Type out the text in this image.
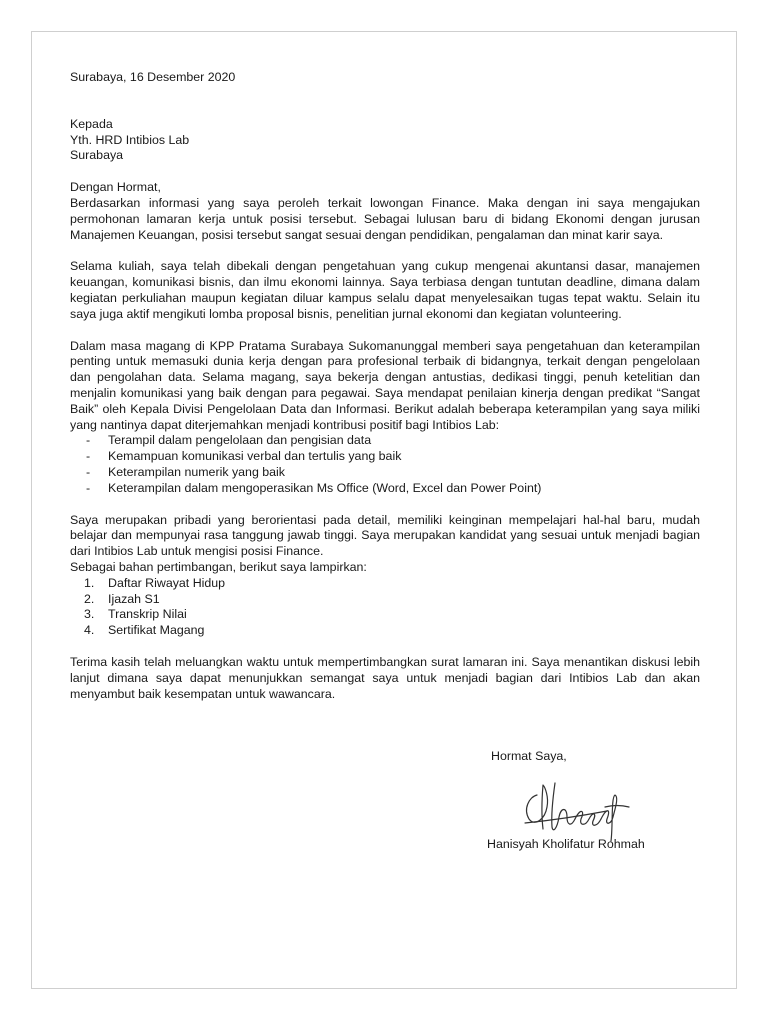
Surabaya, 16 Desember 2020

Kepada

Yth. HRD Intibios Lab

Surabaya

Dengan Hormat,

Berdasarkan informasi yang saya peroleh terkait lowongan Finance. Maka dengan ini saya mengajukan permohonan lamaran kerja untuk posisi tersebut. Sebagai lulusan baru di bidang Ekonomi dengan jurusan Manajemen Keuangan, posisi tersebut sangat sesuai dengan pendidikan, pengalaman dan minat karir saya.

Selama kuliah, saya telah dibekali dengan pengetahuan yang cukup mengenai akuntansi dasar, manajemen keuangan, komunikasi bisnis, dan ilmu ekonomi lainnya. Saya terbiasa dengan tuntutan deadline, dimana dalam kegiatan perkuliahan maupun kegiatan diluar kampus selalu dapat menyelesaikan tugas tepat waktu. Selain itu saya juga aktif mengikuti lomba proposal bisnis, penelitian jurnal ekonomi dan kegiatan volunteering.

Dalam masa magang di KPP Pratama Surabaya Sukomanunggal memberi saya pengetahuan dan keterampilan penting untuk memasuki dunia kerja dengan para profesional terbaik di bidangnya, terkait dengan pengelolaan dan pengolahan data. Selama magang, saya bekerja dengan antustias, dedikasi tinggi, penuh ketelitian dan menjalin komunikasi yang baik dengan para pegawai. Saya mendapat penilaian kinerja dengan predikat “Sangat Baik” oleh Kepala Divisi Pengelolaan Data dan Informasi. Berikut adalah beberapa keterampilan yang saya miliki yang nantinya dapat diterjemahkan menjadi kontribusi positif bagi Intibios Lab:

- Terampil dalam pengelolaan dan pengisian data
- Kemampuan komunikasi verbal dan tertulis yang baik
- Keterampilan numerik yang baik
- Keterampilan dalam mengoperasikan Ms Office (Word, Excel dan Power Point)

Saya merupakan pribadi yang berorientasi pada detail, memiliki keinginan mempelajari hal-hal baru, mudah belajar dan mempunyai rasa tanggung jawab tinggi. Saya merupakan kandidat yang sesuai untuk menjadi bagian dari Intibios Lab untuk mengisi posisi Finance.

Sebagai bahan pertimbangan, berikut saya lampirkan:

1. Daftar Riwayat Hidup
2. Ijazah S1
3. Transkrip Nilai
4. Sertifikat Magang

Terima kasih telah meluangkan waktu untuk mempertimbangkan surat lamaran ini. Saya menantikan diskusi lebih lanjut dimana saya dapat menunjukkan semangat saya untuk menjadi bagian dari Intibios Lab dan akan menyambut baik kesempatan untuk wawancara.

Hormat Saya,

Hanisyah Kholifatur Rohmah
